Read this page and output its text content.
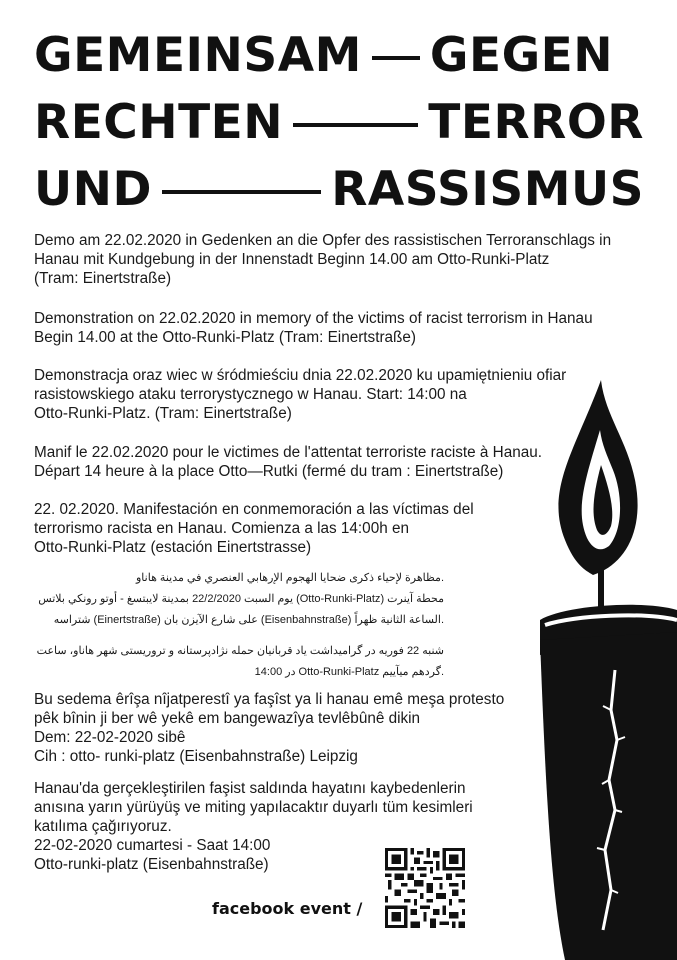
GEMEINSAM GEGEN
RECHTEN	TERROR
UND	RASSISMUS
Demo am 22.02.2020 in Gedenken an die Opfer des rassistischen Terroranschlags in
Hanau mit Kundgebung in der Innenstadt Beginn 14.00 am Otto-Runki-Platz
(Tram: Einertstraße)
Demonstration on 22.02.2020 in memory of the victims of racist terrorism in Hanau
Begin 14.00 at the Otto-Runki-Platz (Tram: Einertstraße)
Demonstracja oraz wiec w śródmieściu dnia 22.02.2020 ku upamiętnieniu ofiar
rasistowskiego ataku terrorystycznego w Hanau. Start: 14:00 na
Otto-Runki-Platz. (Tram: Einertstraße)
Manif le 22.02.2020 pour le victimes de l'attentat terroriste raciste à Hanau.
Départ 14 heure à la place Otto—Rutki (fermé du tram : Einertstraße)
22. 02.2020. Manifestación en conmemoración a las víctimas del
terrorismo racista en Hanau. Comienza a las 14:00h en
Otto-Runki-Platz (estación Einertstrasse)
.مظاهرة لإحياء ذكرى ضحايا الهجوم الإرهابي العنصري في مدينة هاناو
محطة آينرت (Otto-Runki-Platz) يوم السبت 22/2/2020 بمدينة لايبتسغ - أوتو رونكي بلاتس
.الساعة الثانية ظهراً (Eisenbahnstraße) على شارع الآيزن بان (Einertstraße) شتراسه
شنبه 22 فوریه در گرامیداشت یاد قربانیان حمله نژادپرستانه و تروریستی شهر هاناو، ساعت
.گردهم میآییم Otto-Runki-Platz در 14:00
Bu sedema êrîşa nîjatperestî ya faşîst ya li hanau emê meşa protesto
pêk bînin ji ber wê yekê em bangewazîya tevlêbûnê dikin
Dem: 22-02-2020 sibê
Cih : otto- runki-platz (Eisenbahnstraße) Leipzig
Hanau'da gerçekleştirilen faşist saldında hayatını kaybedenlerin
anısına yarın yürüyüş ve miting yapılacaktır duyarlı tüm kesimleri
katılıma çağırıyoruz.
22-02-2020 cumartesi - Saat 14:00
Otto-runki-platz (Eisenbahnstraße)
facebook event /
